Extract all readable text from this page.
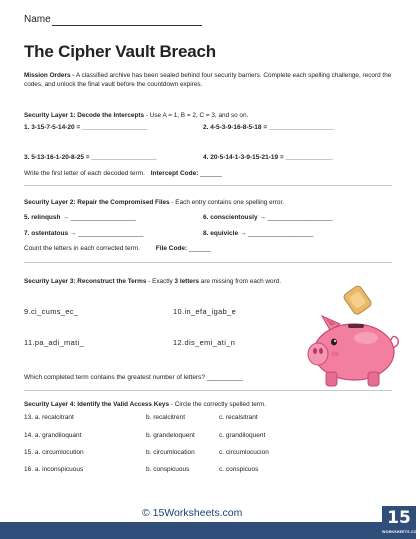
Name
The Cipher Vault Breach
Mission Orders - A classified archive has been sealed behind four security barriers. Complete each spelling challenge, record the codes, and unlock the final vault before the countdown expires.
Security Layer 1: Decode the Intercepts - Use A = 1, B = 2, C = 3, and so on.
1. 3-15-7-5-14-20 = __________________	2. 4-5-3-9-16-8-5-18 = __________________
3. 5-13-16-1-20-8-25 = __________________	4. 20-5-14-1-3-9-15-21-19 = _____________
Write the first letter of each decoded term. Intercept Code: ______
Security Layer 2: Repair the Compromised Files - Each entry contains one spelling error.
5. relinqush → __________________	6. conscientously → __________________
7. ostentatous → __________________	8. equivicle → __________________
Count the letters in each corrected term. File Code: ______
Security Layer 3: Reconstruct the Terms - Exactly 3 letters are missing from each word.
9.ci_cums_ec_	10.in_efa_igab_e
11.pa_adi_mati_	12.dis_emi_ati_n
Which completed term contains the greatest number of letters? __________
Security Layer 4: Identify the Valid Access Keys - Circle the correctly spelled term.
13. a. recalcitrant	b. recalcitrent	c. recalsitrant
14. a. grandiloquant	b. grandeloquent	c. grandiloquent
15. a. circumlocution	b. circumlocation	c. circumlocucion
16. a. inconspicuous	b. conspicuous	c. conspicuos
© 15Worksheets.com	15
WORKSHEETS.COM
